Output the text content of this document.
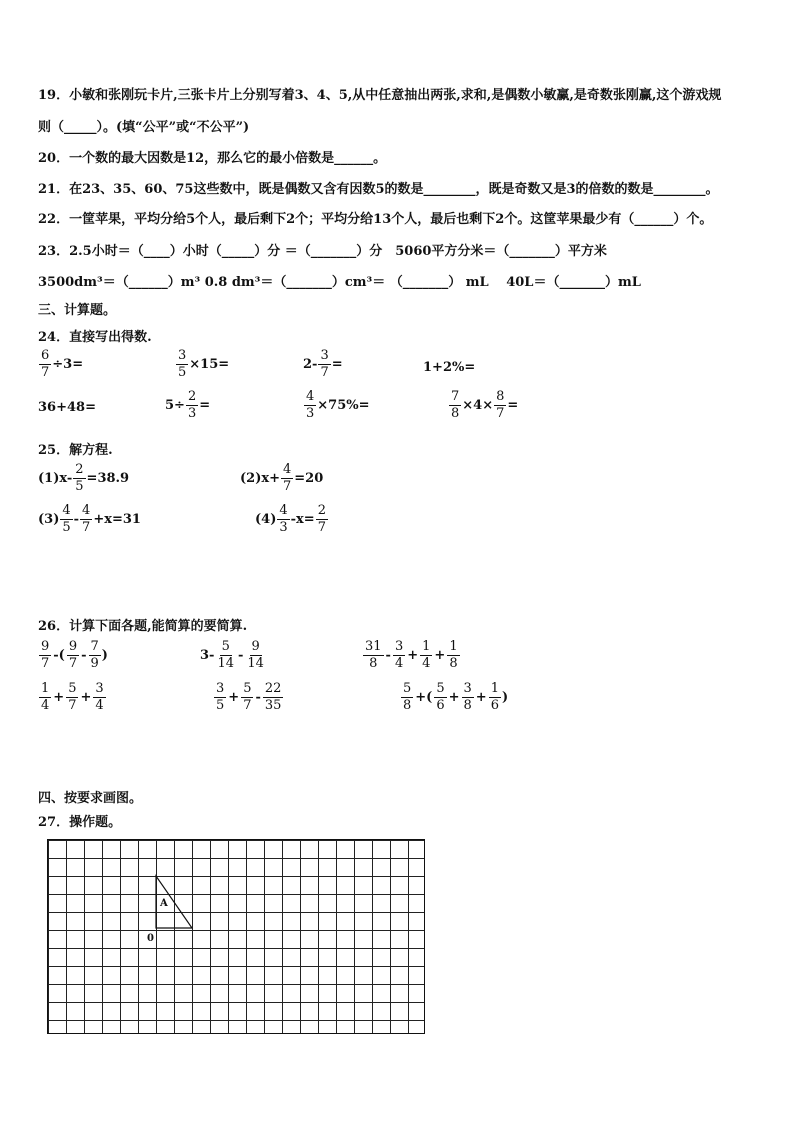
19．小敏和张刚玩卡片,三张卡片上分别写着3、4、5,从中任意抽出两张,求和,是偶数小敏赢,是奇数张刚赢,这个游戏规
则（_____）。(填“公平”或“不公平”)
20．一个数的最大因数是12，那么它的最小倍数是______。
21．在23、35、60、75这些数中，既是偶数又含有因数5的数是________，既是奇数又是3的倍数的数是________。
22．一筐苹果，平均分给5个人，最后剩下2个；平均分给13个人，最后也剩下2个。这筐苹果最少有（______）个。
23．2.5小时＝（____）小时（_____）分 ＝（_______）分　5060平方分米＝（_______）平方米
3500dm³＝（______）m³ 0.8 dm³＝（_______）cm³＝ （_______） mL　 40L＝（_______）mL
三、计算题。
24．直接写出得数.
$\frac{6}{7} \div 3=$	$\frac{3}{5} \times 15=$	$2- \frac{3}{7}$ =	1+2%=
36+48=	$5\div \frac{2}{3}$ =	$\frac{4}{3} \times 75\%=$	$\frac{7}{8} \times 4\times \frac{8}{7}$ =
25．解方程.
$(1)x- \frac{2}{5} =38.9$	$(2)x+ \frac{4}{7} =20$
$(3) \frac{4}{5} - \frac{4}{7} +x=31$	$(4) \frac{4}{3} -x= \frac{2}{7}$
26．计算下面各题,能简算的要简算.
$\frac{9}{7}$ -( $\frac{9}{7} - \frac{7}{9}$ )	$3- \frac{5}{14} - \frac{9}{14}$	$\frac{31}{8} - \frac{3}{4} + \frac{1}{4} + \frac{1}{8}$
$\frac{1}{4} + \frac{5}{7} + \frac{3}{4}$	$\frac{3}{5} + \frac{5}{7} - \frac{22}{35}$	$\frac{5}{8}$ +( $\frac{5}{6} + \frac{3}{8} + \frac{1}{6}$ )
四、按要求画图。
27．操作题。
A
0
